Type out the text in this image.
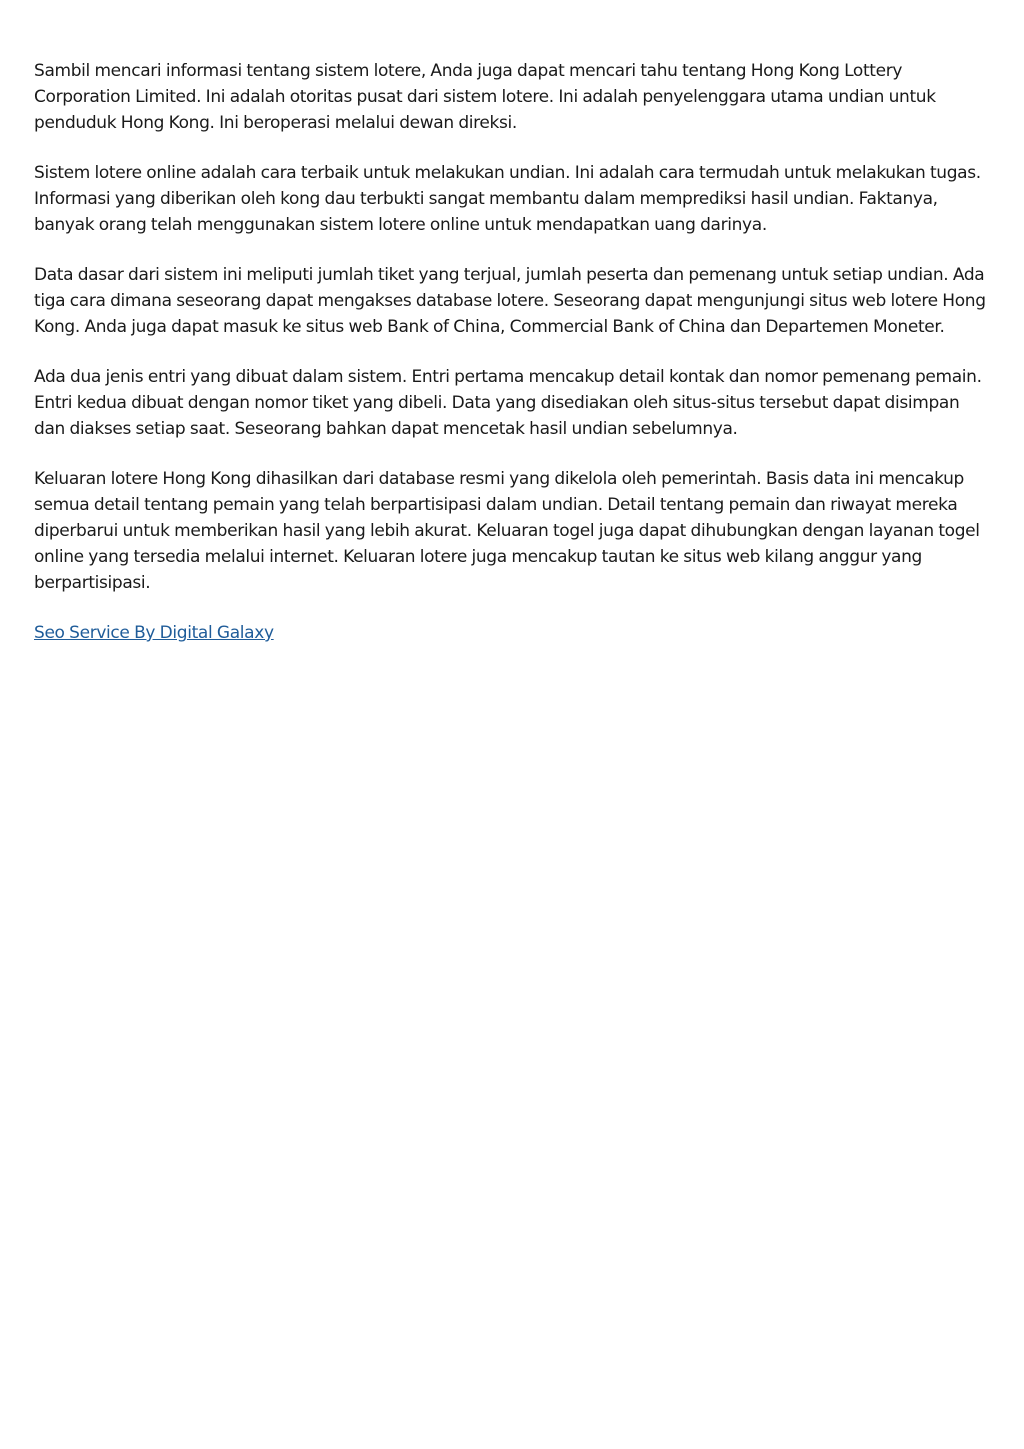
Sambil mencari informasi tentang sistem lotere, Anda juga dapat mencari tahu tentang Hong Kong Lottery Corporation Limited. Ini adalah otoritas pusat dari sistem lotere. Ini adalah penyelenggara utama undian untuk penduduk Hong Kong. Ini beroperasi melalui dewan direksi.

Sistem lotere online adalah cara terbaik untuk melakukan undian. Ini adalah cara termudah untuk melakukan tugas. Informasi yang diberikan oleh kong dau terbukti sangat membantu dalam memprediksi hasil undian. Faktanya, banyak orang telah menggunakan sistem lotere online untuk mendapatkan uang darinya.

Data dasar dari sistem ini meliputi jumlah tiket yang terjual, jumlah peserta dan pemenang untuk setiap undian. Ada tiga cara dimana seseorang dapat mengakses database lotere. Seseorang dapat mengunjungi situs web lotere Hong Kong. Anda juga dapat masuk ke situs web Bank of China, Commercial Bank of China dan Departemen Moneter.

Ada dua jenis entri yang dibuat dalam sistem. Entri pertama mencakup detail kontak dan nomor pemenang pemain. Entri kedua dibuat dengan nomor tiket yang dibeli. Data yang disediakan oleh situs-situs tersebut dapat disimpan dan diakses setiap saat. Seseorang bahkan dapat mencetak hasil undian sebelumnya.

Keluaran lotere Hong Kong dihasilkan dari database resmi yang dikelola oleh pemerintah. Basis data ini mencakup semua detail tentang pemain yang telah berpartisipasi dalam undian. Detail tentang pemain dan riwayat mereka diperbarui untuk memberikan hasil yang lebih akurat. Keluaran togel juga dapat dihubungkan dengan layanan togel online yang tersedia melalui internet. Keluaran lotere juga mencakup tautan ke situs web kilang anggur yang berpartisipasi.

Seo Service By Digital Galaxy
